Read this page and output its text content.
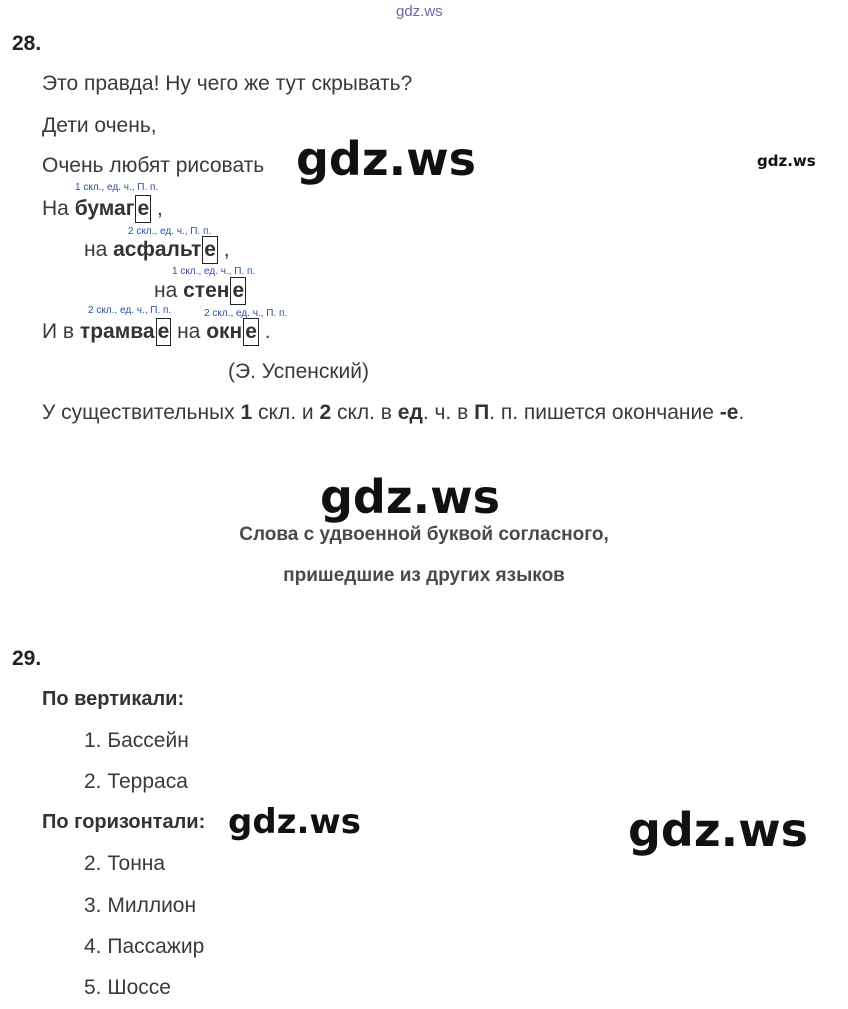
gdz.ws
28.
Это правда! Ну чего же тут скрывать?
Дети очень,
Очень любят рисовать
1 скл., ед. ч., П. п.
На бумаг е ,
2 скл., ед. ч., П. п.
на асфальт е ,
1 скл., ед. ч., П. п.
на стен е
2 скл., ед. ч., П. п.	2 скл., ед. ч., П. п.
И в трамва е на окн е .
(Э. Успенский)
У существительных 1 скл. и 2 скл. в ед. ч. в П. п. пишется окончание -е.
Слова с удвоенной буквой согласного,
пришедшие из других языков
29.
По вертикали:
1. Бассейн
2. Терраса
По горизонтали:
2. Тонна
3. Миллион
4. Пассажир
5. Шоссе
gdz.ws	gdz.ws
gdz.ws
gdz.ws	gdz.ws
